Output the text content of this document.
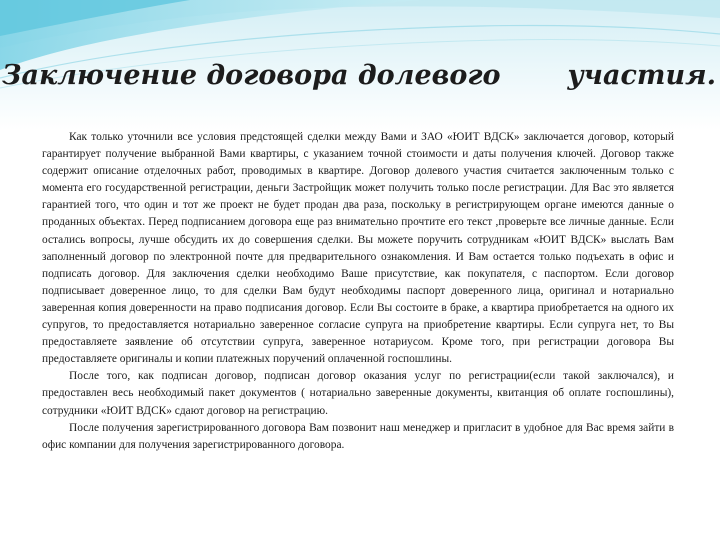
Заключение договора долевого участия.

Как только уточнили все условия предстоящей сделки между Вами и ЗАО «ЮИТ ВДСК» заключается договор, который гарантирует получение выбранной Вами квартиры, с указанием точной стоимости и даты получения ключей. Договор также содержит описание отделочных работ, проводимых в квартире. Договор долевого участия считается заключенным только с момента его государственной регистрации, деньги Застройщик может получить только после регистрации. Для Вас это является гарантией того, что один и тот же проект не будет продан два раза, поскольку в регистрирующем органе имеются данные о проданных объектах. Перед подписанием договора еще раз внимательно прочтите его текст ,проверьте все личные данные. Если остались вопросы, лучше обсудить их до совершения сделки. Вы можете поручить сотрудникам «ЮИТ ВДСК» выслать Вам заполненный договор по электронной почте для предварительного ознакомления. И Вам остается только подъехать в офис и подписать договор. Для заключения сделки необходимо Ваше присутствие, как покупателя, с паспортом. Если договор подписывает доверенное лицо, то для сделки Вам будут необходимы паспорт доверенного лица, оригинал и нотариально заверенная копия доверенности на право подписания договор. Если Вы состоите в браке, а квартира приобретается на одного их супругов, то предоставляется нотариально заверенное согласие супруга на приобретение квартиры. Если супруга нет, то Вы предоставляете заявление об отсутствии супруга, заверенное нотариусом. Кроме того, при регистрации договора Вы предоставляете оригиналы и копии платежных поручений оплаченной госпошлины.

После того, как подписан договор, подписан договор оказания услуг по регистрации(если такой заключался), и предоставлен весь необходимый пакет документов ( нотариально заверенные документы, квитанция об оплате госпошлины), сотрудники «ЮИТ ВДСК» сдают договор на регистрацию.

После получения зарегистрированного договора Вам позвонит наш менеджер и пригласит в удобное для Вас время зайти в офис компании для получения зарегистрированного договора.
